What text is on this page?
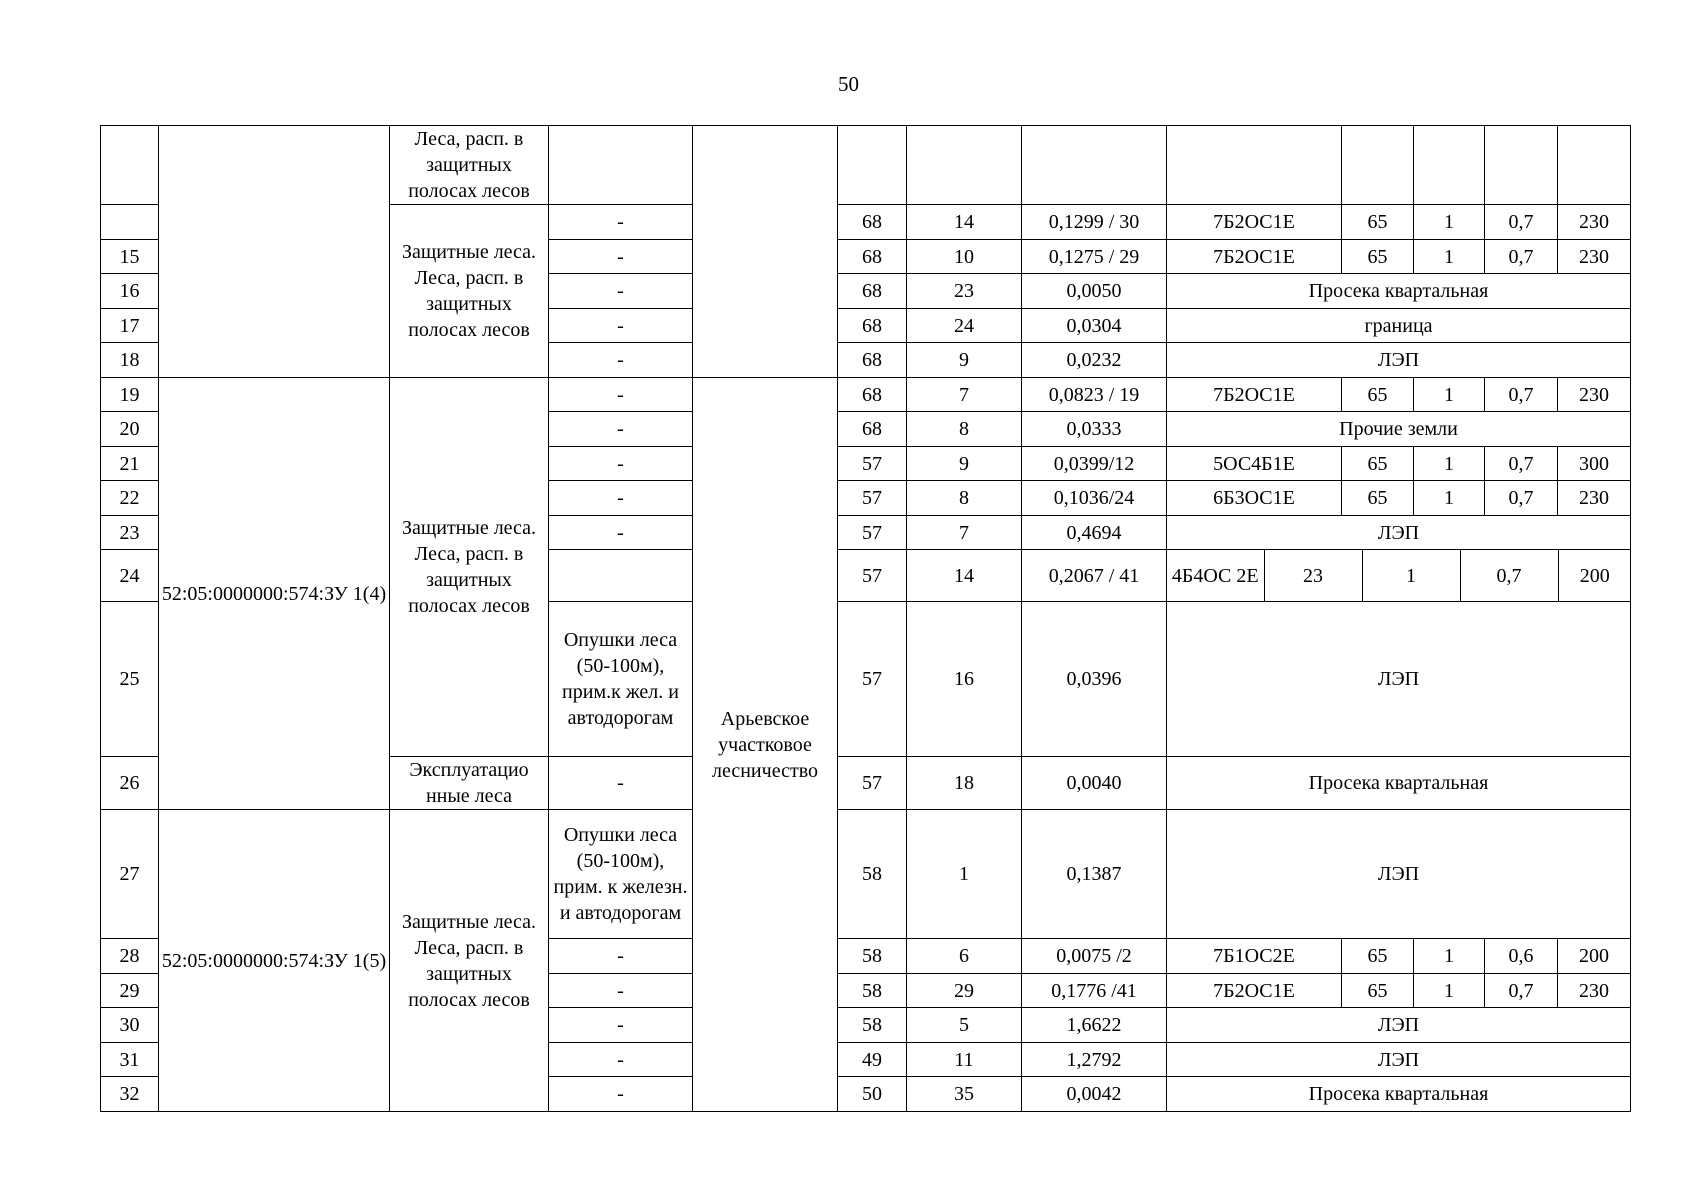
50
		Леса, расп. в защитных полосах лесов										
	Защитные леса. Леса, расп. в защитных полосах лесов	-	68	14	0,1299 / 30	7Б2ОС1Е	65	1	0,7	230
15	-	68	10	0,1275 / 29	7Б2ОС1Е	65	1	0,7	230
16	-	68	23	0,0050	Просека квартальная
17	-	68	24	0,0304	граница
18	-	68	9	0,0232	ЛЭП
19	52:05:0000000:574:ЗУ 1(4)	Защитные леса. Леса, расп. в защитных полосах лесов	-	Арьевское участковое лесничество	68	7	0,0823 / 19	7Б2ОС1Е	65	1	0,7	230
20	-	68	8	0,0333	Прочие земли
21	-	57	9	0,0399/12	5ОС4Б1Е	65	1	0,7	300
22	-	57	8	0,1036/24	6Б3ОС1Е	65	1	0,7	230
23	-	57	7	0,4694	ЛЭП
24		57	14	0,2067 / 41	4Б4ОС 2Е	23	1	0,7	200

25	Опушки леса (50-100м), прим.к жел. и автодорогам	57	16	0,0396	ЛЭП
26	Эксплуатацио нные леса	-	57	18	0,0040	Просека квартальная
27	52:05:0000000:574:ЗУ 1(5)	Защитные леса. Леса, расп. в защитных полосах лесов	Опушки леса (50-100м), прим. к железн. и автодорогам	58	1	0,1387	ЛЭП
28	-	58	6	0,0075 /2	7Б1ОС2Е	65	1	0,6	200
29	-	58	29	0,1776 /41	7Б2ОС1Е	65	1	0,7	230
30	-	58	5	1,6622	ЛЭП
31	-	49	11	1,2792	ЛЭП
32	-	50	35	0,0042	Просека квартальная
